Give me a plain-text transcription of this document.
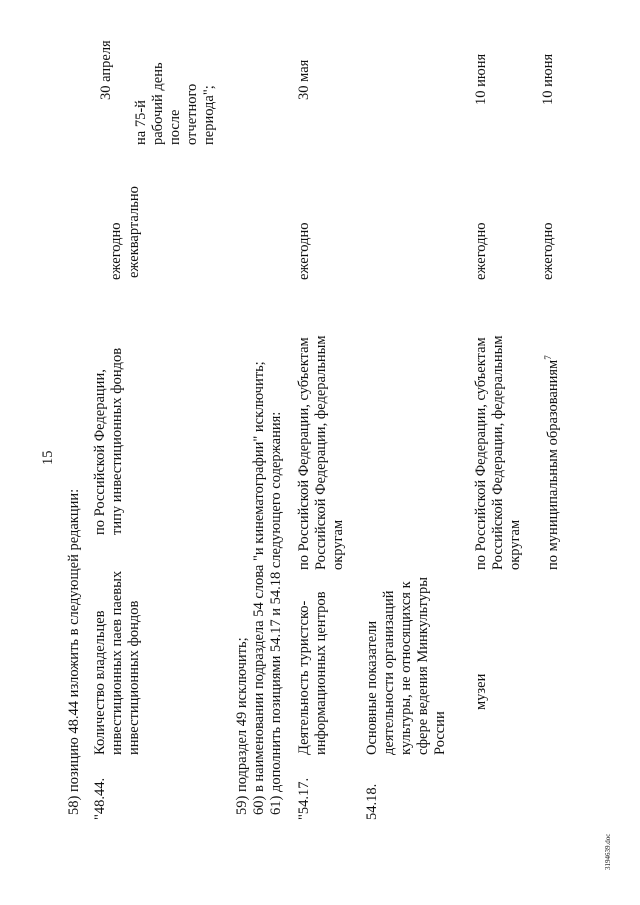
15
58) позицию 48.44 изложить в следующей редакции: "48.44.
Количество владельцев инвестиционных паев паевых инвестиционных фондов
по Российской Федерации, типу инвестиционных фондов
ежегодно ежеквартально
30 апреля
на 75-й рабочий день после отчетного периода";
59) подраздел 49 исключить; 60) в наименовании подраздела 54 слова "и кинематографии" исключить; 61) дополнить позициями 54.17 и 54.18 следующего содержания: "54.17.
Деятельность туристско- информационных центров
по Российской Федерации, субъектам Российской Федерации, федеральным округам
ежегодно
30 мая
54.18.
Основные показатели деятельности организаций культуры, не относящихся к сфере ведения Минкультуры России
музеи
по Российской Федерации, субъектам Российской Федерации, федеральным округам
ежегодно
10 июня
по муниципальным образованиям$^7$
ежегодно
10 июня
3194639.doc
